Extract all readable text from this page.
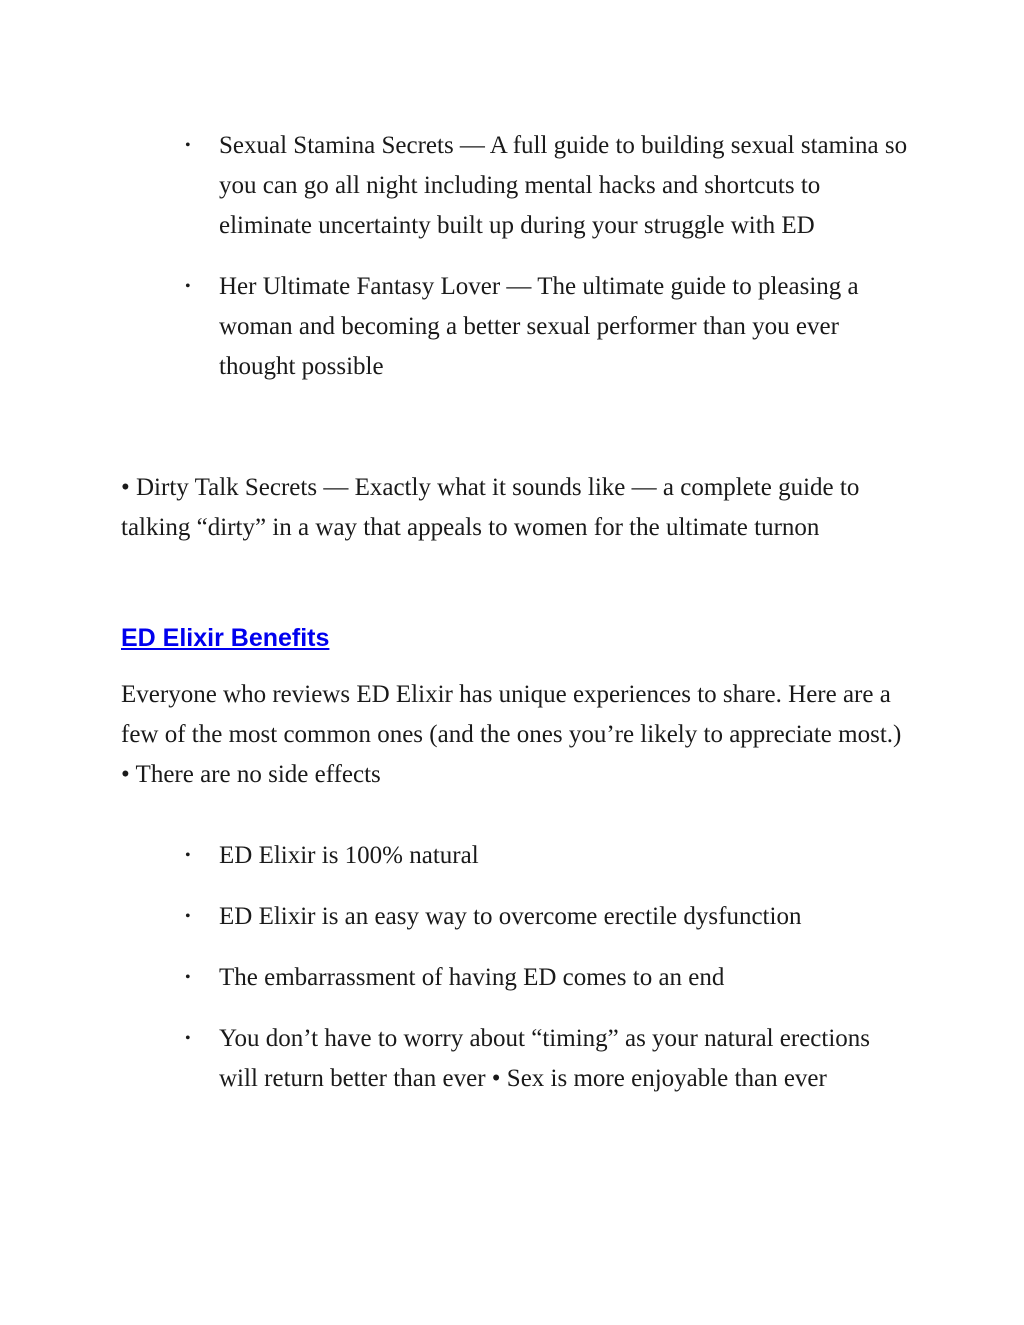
•	Sexual Stamina Secrets — A full guide to building sexual stamina so you can go all night including mental hacks and shortcuts to eliminate uncertainty built up during your struggle with ED
•	Her Ultimate Fantasy Lover — The ultimate guide to pleasing a woman and becoming a better sexual performer than you ever thought possible

• Dirty Talk Secrets — Exactly what it sounds like — a complete guide to talking “dirty” in a way that appeals to women for the ultimate turnon

ED Elixir Benefits

Everyone who reviews ED Elixir has unique experiences to share. Here are a few of the most common ones (and the ones you’re likely to appreciate most.) • There are no side effects

•	ED Elixir is 100% natural
•	ED Elixir is an easy way to overcome erectile dysfunction
•	The embarrassment of having ED comes to an end
•	You don’t have to worry about “timing” as your natural erections will return better than ever • Sex is more enjoyable than ever
